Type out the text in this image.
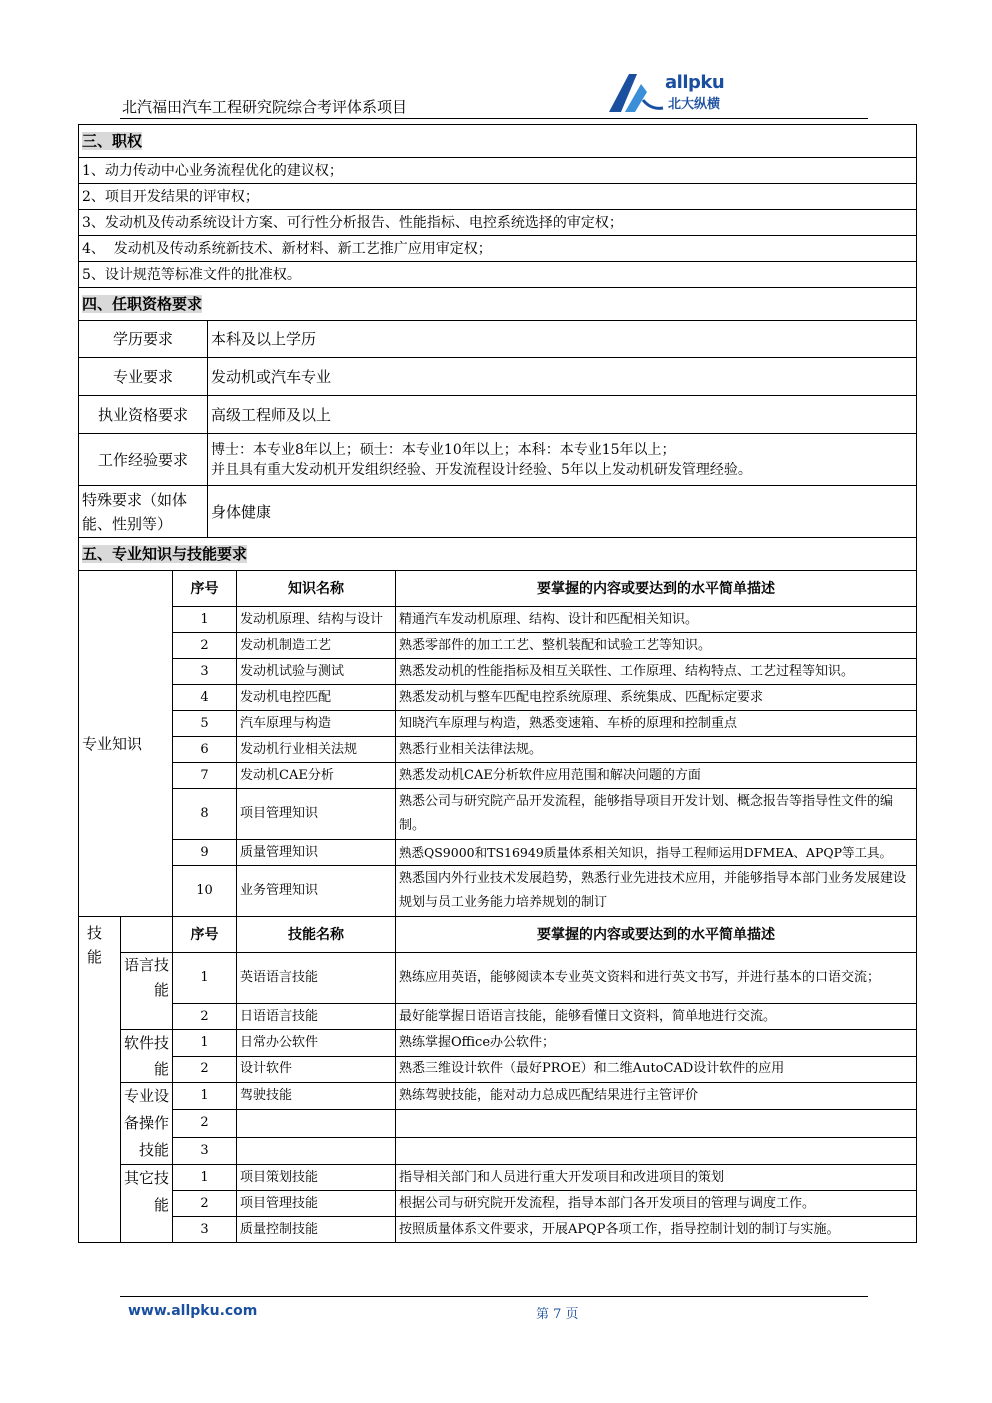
北汽福田汽车工程研究院综合考评体系项目
allpku
北大纵横
三、职权					
1、动力传动中心业务流程优化的建议权；					
2、项目开发结果的评审权；					
3、发动机及传动系统设计方案、可行性分析报告、性能指标、电控系统选择的审定权；					
4、  发动机及传动系统新技术、新材料、新工艺推广应用审定权；					
5、设计规范等标准文件的批准权。					
四、任职资格要求					
学历要求			本科及以上学历		
专业要求			发动机或汽车专业		
执业资格要求			高级工程师及以上		
工作经验要求			博士：本专业8年以上；硕士：本专业10年以上；本科：本专业15年以上；
并且具有重大发动机开发组织经验、开发流程设计经验、5年以上发动机研发管理经验。		

特殊要求（如体能、性别等）			身体健康		
五、专业知识与技能要求					
专业知识		序号		知识名称	要掌握的内容或要达到的水平简单描述
		1		发动机原理、结构与设计	精通汽车发动机原理、结构、设计和匹配相关知识。
		2		发动机制造工艺	熟悉零部件的加工工艺、整机装配和试验工艺等知识。
		3		发动机试验与测试	熟悉发动机的性能指标及相互关联性、工作原理、结构特点、工艺过程等知识。
		4		发动机电控匹配	熟悉发动机与整车匹配电控系统原理、系统集成、匹配标定要求
		5		汽车原理与构造	知晓汽车原理与构造，熟悉变速箱、车桥的原理和控制重点
		6		发动机行业相关法规	熟悉行业相关法律法规。
		7		发动机CAE分析	熟悉发动机CAE分析软件应用范围和解决问题的方面
		8		项目管理知识	熟悉公司与研究院产品开发流程，能够指导项目开发计划、概念报告等指导性文件的编制。
		9		质量管理知识	熟悉QS9000和TS16949质量体系相关知识，指导工程师运用DFMEA、APQP等工具。
		10		业务管理知识	熟悉国内外行业技术发展趋势，熟悉行业先进技术应用，并能够指导本部门业务发展建设规划与员工业务能力培养规划的制订
技能		序号		技能名称	要掌握的内容或要达到的水平简单描述
	语言技能	1		英语语言技能	熟练应用英语，能够阅读本专业英文资料和进行英文书写，并进行基本的口语交流；
		2		日语语言技能	最好能掌握日语语言技能，能够看懂日文资料，简单地进行交流。
	软件技能	1		日常办公软件	熟练掌握Office办公软件；
		2		设计软件	熟悉三维设计软件（最好PROE）和二维AutoCAD设计软件的应用
	专业设备操作技能	1		驾驶技能	熟练驾驶技能，能对动力总成匹配结果进行主管评价
		2			
		3			
	其它技能	1		项目策划技能	指导相关部门和人员进行重大开发项目和改进项目的策划
		2		项目管理技能	根据公司与研究院开发流程，指导本部门各开发项目的管理与调度工作。
		3		质量控制技能	按照质量体系文件要求，开展APQP各项工作，指导控制计划的制订与实施。
www.allpku.com	第 7 页
